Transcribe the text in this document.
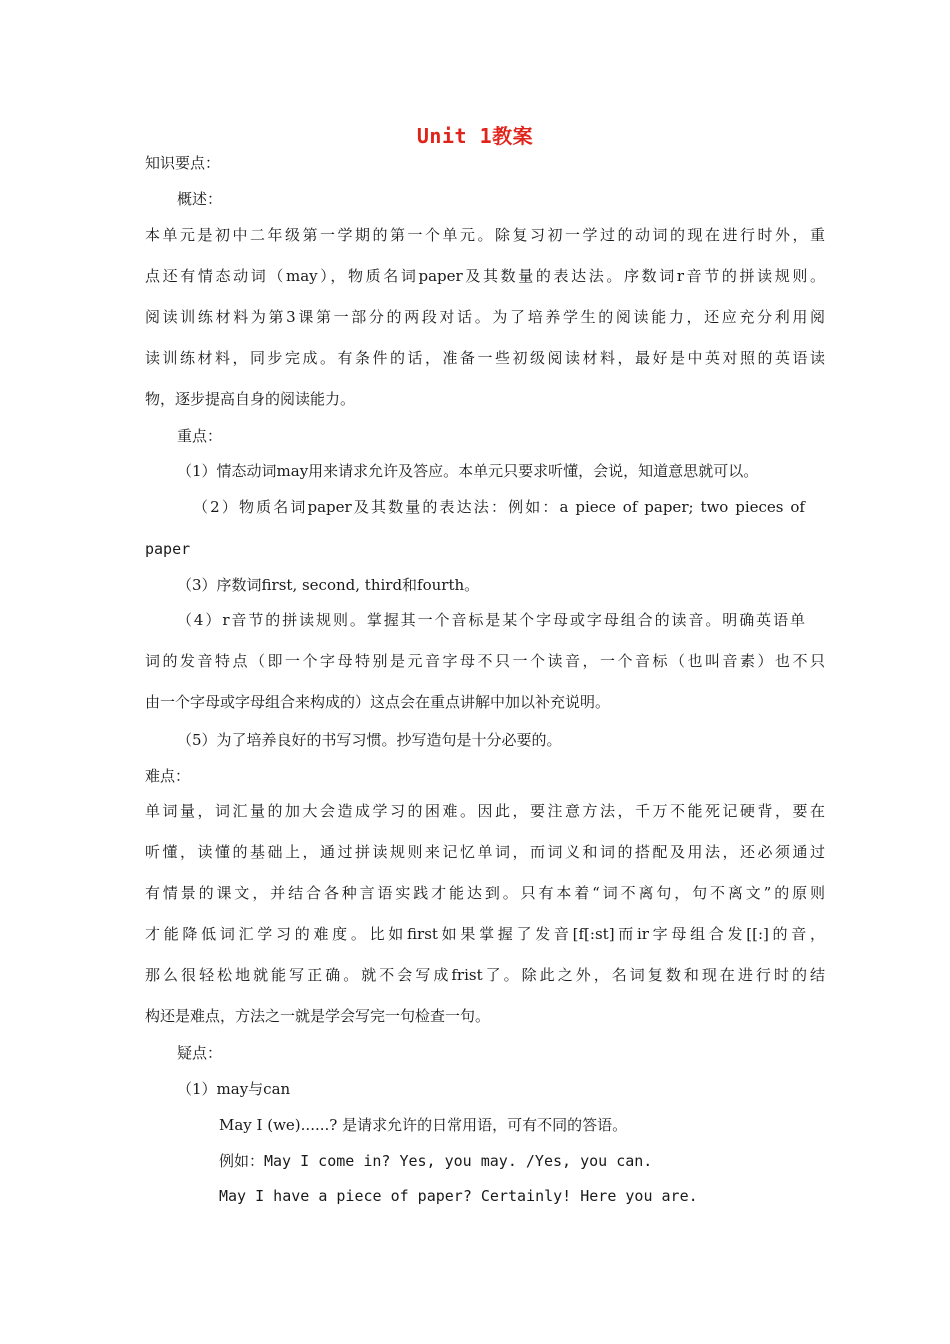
Unit 1教案
知识要点：
概述：
本单元是初中二年级第一学期的第一个单元。除复习初一学过的动词的现在进行时外，重
点还有情态动词（may），物质名词paper及其数量的表达法。序数词r音节的拼读规则。
阅读训练材料为第3课第一部分的两段对话。为了培养学生的阅读能力，还应充分利用阅
读训练材料，同步完成。有条件的话，准备一些初级阅读材料，最好是中英对照的英语读
物，逐步提高自身的阅读能力。
重点：
（1）情态动词may用来请求允许及答应。本单元只要求听懂，会说，知道意思就可以。
（2）物质名词paper及其数量的表达法：例如：a piece of paper; two pieces of
paper
（3）序数词first, second, third和fourth。
（4）r音节的拼读规则。掌握其一个音标是某个字母或字母组合的读音。明确英语单
词的发音特点（即一个字母特别是元音字母不只一个读音，一个音标（也叫音素）也不只
由一个字母或字母组合来构成的）这点会在重点讲解中加以补充说明。
（5）为了培养良好的书写习惯。抄写造句是十分必要的。
难点：
单词量，词汇量的加大会造成学习的困难。因此，要注意方法，千万不能死记硬背，要在
听懂，读懂的基础上，通过拼读规则来记忆单词，而词义和词的搭配及用法，还必须通过
有情景的课文，并结合各种言语实践才能达到。只有本着“词不离句，句不离文”的原则
才能降低词汇学习的难度。比如first如果掌握了发音[f[:st]而ir字母组合发[[:]的音，
那么很轻松地就能写正确。就不会写成frist了。除此之外，名词复数和现在进行时的结
构还是难点，方法之一就是学会写完一句检查一句。
疑点：
（1）may与can
May I (we)......? 是请求允许的日常用语，可有不同的答语。
例如：May I come in? Yes, you may. /Yes, you can.
May I have a piece of paper? Certainly! Here you are.
